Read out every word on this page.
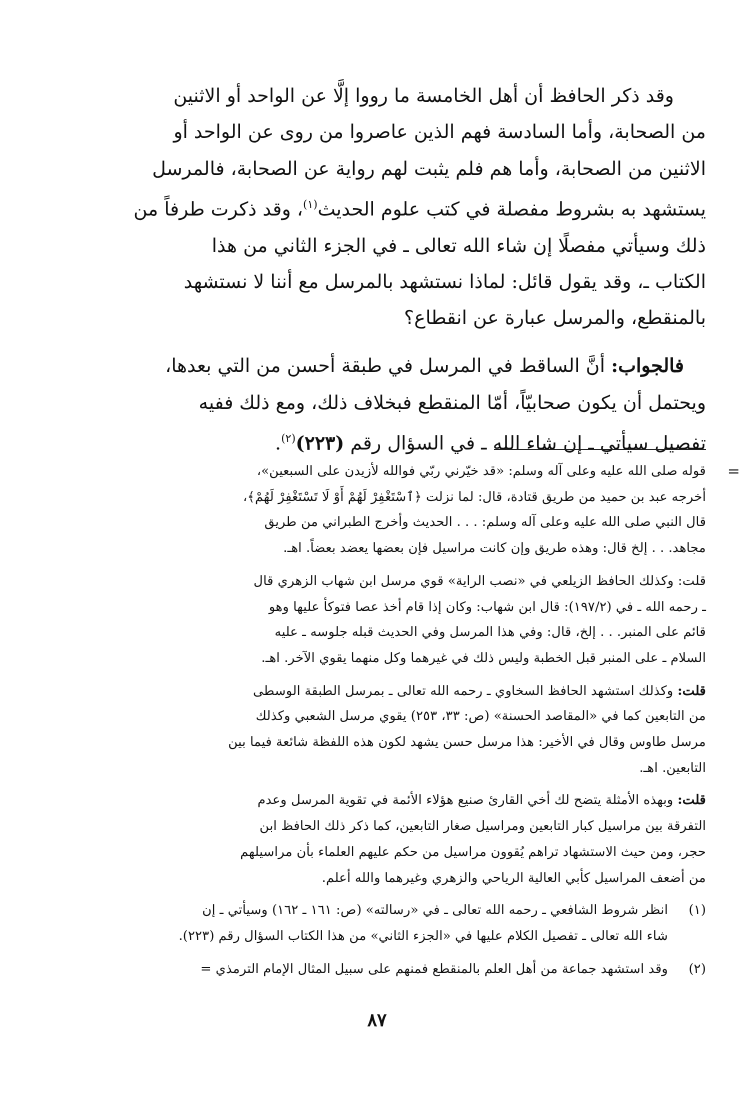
وقد ذكر الحافظ أن أهل الخامسة ما رووا إلَّا عن الواحد أو الاثنين
من الصحابة، وأما السادسة فهم الذين عاصروا من روى عن الواحد أو
الاثنين من الصحابة، وأما هم فلم يثبت لهم رواية عن الصحابة، فالمرسل
يستشهد به بشروط مفصلة في كتب علوم الحديث$^{(١)}$، وقد ذكرت طرفاً من
ذلك وسيأتي مفصلًا إن شاء الله تعالى ـ في الجزء الثاني من هذا
الكتاب ـ، وقد يقول قائل: لماذا نستشهد بالمرسل مع أننا لا نستشهد
بالمنقطع، والمرسل عبارة عن انقطاع؟

فالجواب: أنَّ الساقط في المرسل في طبقة أحسن من التي بعدها،
ويحتمل أن يكون صحابيّاً، أمّا المنقطع فبخلاف ذلك، ومع ذلك ففيه
تفصيل سيأتي ـ إن شاء الله ـ في السؤال رقم (٢٢٣)$^{(٢)}$.

=

قوله صلى الله عليه وعلى آله وسلم: «قد خيّرني ربّي فوالله لأزيدن على السبعين»،
أخرجه عبد بن حميد من طريق قتادة، قال: لما نزلت ﴿ٱسْتَغْفِرْ لَهُمْ أَوْ لَا تَسْتَغْفِرْ لَهُمْ﴾،
قال النبي صلى الله عليه وعلى آله وسلم: . . . الحديث وأخرج الطبراني من طريق
مجاهد. . . إلخ قال: وهذه طريق وإن كانت مراسيل فإن بعضها يعضد بعضاً. اهـ.

قلت: وكذلك الحافظ الزيلعي في «نصب الراية» قوي مرسل ابن شهاب الزهري قال
ـ رحمه الله ـ في (١٩٧/٢): قال ابن شهاب: وكان إذا قام أخذ عصا فتوكأ عليها وهو
قائم على المنبر. . . إلخ، قال: وفي هذا المرسل وفي الحديث قبله جلوسه ـ عليه
السلام ـ على المنبر قبل الخطبة وليس ذلك في غيرهما وكل منهما يقوي الآخر. اهـ.

قلت: وكذلك استشهد الحافظ السخاوي ـ رحمه الله تعالى ـ بمرسل الطبقة الوسطى
من التابعين كما في «المقاصد الحسنة» (ص: ٣٣، ٢٥٣) يقوي مرسل الشعبي وكذلك
مرسل طاوس وقال في الأخير: هذا مرسل حسن يشهد لكون هذه اللفظة شائعة فيما بين
التابعين. اهـ.

قلت: وبهذه الأمثلة يتضح لك أخي القارئ صنيع هؤلاء الأئمة في تقوية المرسل وعدم
التفرقة بين مراسيل كبار التابعين ومراسيل صغار التابعين، كما ذكر ذلك الحافظ ابن
حجر، ومن حيث الاستشهاد تراهم يُقوون مراسيل من حكم عليهم العلماء بأن مراسيلهم
من أضعف المراسيل كأبي العالية الرياحي والزهري وغيرهما والله أعلم.

(١)

انظر شروط الشافعي ـ رحمه الله تعالى ـ في «رسالته» (ص: ١٦١ ـ ١٦٢) وسيأتي ـ إن
شاء الله تعالى ـ تفصيل الكلام عليها في «الجزء الثاني» من هذا الكتاب السؤال رقم (٢٢٣).

(٢)

وقد استشهد جماعة من أهل العلم بالمنقطع فمنهم على سبيل المثال الإمام الترمذي =

٨٧
